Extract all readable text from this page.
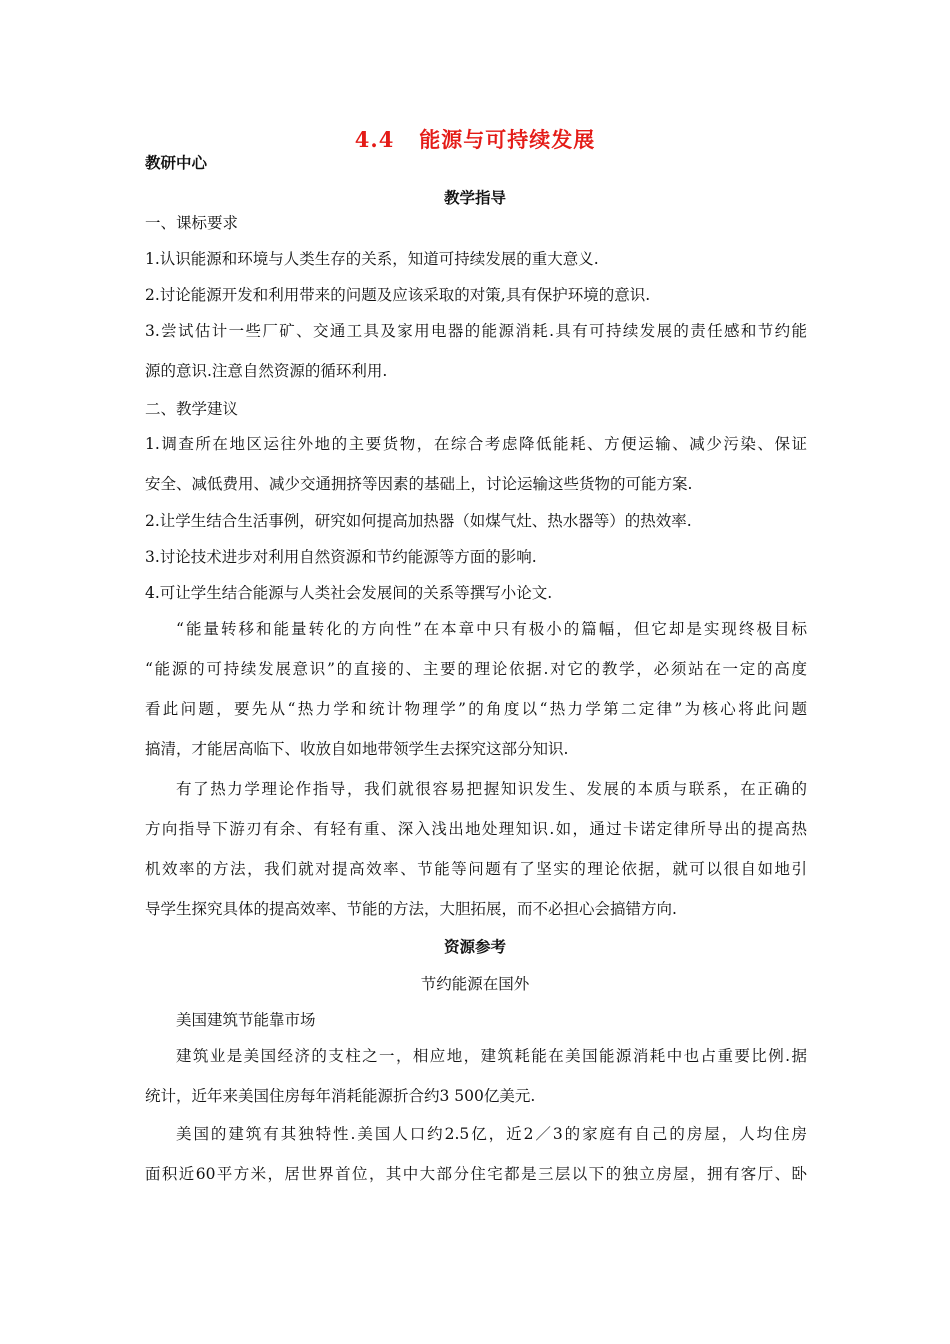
4.4   能源与可持续发展
教研中心
教学指导
一、课标要求
1.认识能源和环境与人类生存的关系，知道可持续发展的重大意义.
2.讨论能源开发和利用带来的问题及应该采取的对策,具有保护环境的意识.
3.尝试估计一些厂矿、交通工具及家用电器的能源消耗.具有可持续发展的责任感和节约能
源的意识.注意自然资源的循环利用.
二、教学建议
1.调查所在地区运往外地的主要货物，在综合考虑降低能耗、方便运输、减少污染、保证
安全、减低费用、减少交通拥挤等因素的基础上，讨论运输这些货物的可能方案.
2.让学生结合生活事例，研究如何提高加热器（如煤气灶、热水器等）的热效率.
3.讨论技术进步对利用自然资源和节约能源等方面的影响.
4.可让学生结合能源与人类社会发展间的关系等撰写小论文.
“能量转移和能量转化的方向性”在本章中只有极小的篇幅，但它却是实现终极目标
“能源的可持续发展意识”的直接的、主要的理论依据.对它的教学，必须站在一定的高度
看此问题，要先从“热力学和统计物理学”的角度以“热力学第二定律”为核心将此问题
搞清，才能居高临下、收放自如地带领学生去探究这部分知识.
有了热力学理论作指导，我们就很容易把握知识发生、发展的本质与联系，在正确的
方向指导下游刃有余、有轻有重、深入浅出地处理知识.如，通过卡诺定律所导出的提高热
机效率的方法，我们就对提高效率、节能等问题有了坚实的理论依据，就可以很自如地引
导学生探究具体的提高效率、节能的方法，大胆拓展，而不必担心会搞错方向.
资源参考
节约能源在国外
美国建筑节能靠市场
建筑业是美国经济的支柱之一，相应地，建筑耗能在美国能源消耗中也占重要比例.据
统计，近年来美国住房每年消耗能源折合约3 500亿美元.
美国的建筑有其独特性.美国人口约2.5亿，近2／3的家庭有自己的房屋，人均住房
面积近60平方米，居世界首位，其中大部分住宅都是三层以下的独立房屋，拥有客厅、卧
